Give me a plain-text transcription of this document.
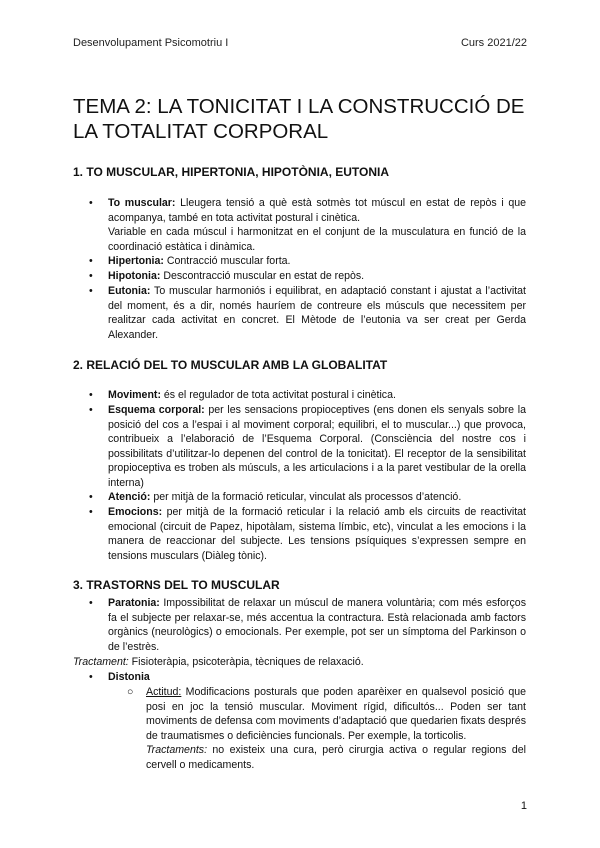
Desenvolupament Psicomotriu I	Curs 2021/22
TEMA 2: LA TONICITAT I LA CONSTRUCCIÓ DE LA TOTALITAT CORPORAL
1. TO MUSCULAR, HIPERTONIA, HIPOTÒNIA, EUTONIA
• To muscular: Lleugera tensió a què està sotmès tot múscul en estat de repòs i que acompanya, també en tota activitat postural i cinètica.

Variable en cada múscul i harmonitzat en el conjunt de la musculatura en funció de la coordinació estàtica i dinàmica.

• Hipertonia: Contracció muscular forta.

• Hipotonia: Descontracció muscular en estat de repòs.

• Eutonia: To muscular harmoniós i equilibrat, en adaptació constant i ajustat a l’activitat del moment, és a dir, només hauríem de contreure els músculs que necessitem per realitzar cada activitat en concret. El Mètode de l’eutonia va ser creat per Gerda Alexander.

2. RELACIÓ DEL TO MUSCULAR AMB LA GLOBALITAT
• Moviment: és el regulador de tota activitat postural i cinètica.

• Esquema corporal: per les sensacions propioceptives (ens donen els senyals sobre la posició del cos a l’espai i al moviment corporal; equilibri, el to muscular...) que provoca, contribueix a l’elaboració de l’Esquema Corporal. (Consciència del nostre cos i possibilitats d’utilitzar-lo depenen del control de la tonicitat). El receptor de la sensibilitat propioceptiva es troben als músculs, a les articulacions i a la paret vestibular de la orella interna)

• Atenció: per mitjà de la formació reticular, vinculat als processos d’atenció.

• Emocions: per mitjà de la formació reticular i la relació amb els circuits de reactivitat emocional (circuit de Papez, hipotàlam, sistema límbic, etc), vinculat a les emocions i la manera de reaccionar del subjecte. Les tensions psíquiques s’expressen sempre en tensions musculars (Diàleg tònic).

3. TRASTORNS DEL TO MUSCULAR
• Paratonia: Impossibilitat de relaxar un múscul de manera voluntària; com més esforços fa el subjecte per relaxar-se, més accentua la contractura. Està relacionada amb factors orgànics (neurològics) o emocionals. Per exemple, pot ser un símptoma del Parkinson o de l’estrès.

Tractament: Fisioteràpia, psicoteràpia, tècniques de relaxació.

• Distonia

○ Actitud: Modificacions posturals que poden aparèixer en qualsevol posició que posi en joc la tensió muscular. Moviment rígid, dificultós... Poden ser tant moviments de defensa com moviments d’adaptació que quedarien fixats després de traumatismes o deficiències funcionals. Per exemple, la torticolis.

Tractaments: no existeix una cura, però cirurgia activa o regular regions del cervell o medicaments.

1
